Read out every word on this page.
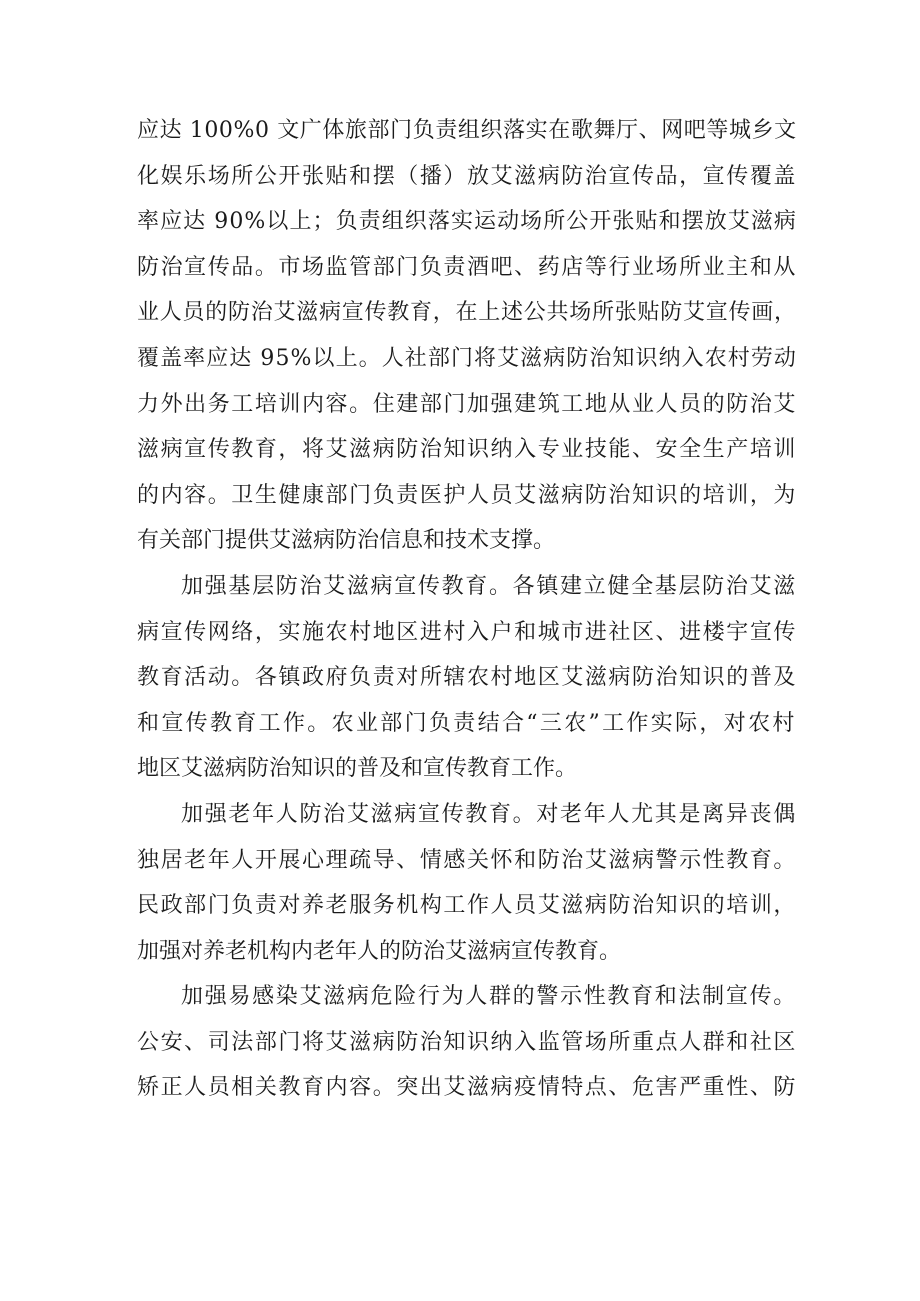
应达 100%0 文广体旅部门负责组织落实在歌舞厅、网吧等城乡文
化娱乐场所公开张贴和摆（播）放艾滋病防治宣传品，宣传覆盖
率应达 90%以上；负责组织落实运动场所公开张贴和摆放艾滋病
防治宣传品。市场监管部门负责酒吧、药店等行业场所业主和从
业人员的防治艾滋病宣传教育，在上述公共场所张贴防艾宣传画，
覆盖率应达 95%以上。人社部门将艾滋病防治知识纳入农村劳动
力外出务工培训内容。住建部门加强建筑工地从业人员的防治艾
滋病宣传教育，将艾滋病防治知识纳入专业技能、安全生产培训
的内容。卫生健康部门负责医护人员艾滋病防治知识的培训，为
有关部门提供艾滋病防治信息和技术支撑。
加强基层防治艾滋病宣传教育。各镇建立健全基层防治艾滋
病宣传网络，实施农村地区进村入户和城市进社区、进楼宇宣传
教育活动。各镇政府负责对所辖农村地区艾滋病防治知识的普及
和宣传教育工作。农业部门负责结合“三农”工作实际，对农村
地区艾滋病防治知识的普及和宣传教育工作。
加强老年人防治艾滋病宣传教育。对老年人尤其是离异丧偶
独居老年人开展心理疏导、情感关怀和防治艾滋病警示性教育。
民政部门负责对养老服务机构工作人员艾滋病防治知识的培训，
加强对养老机构内老年人的防治艾滋病宣传教育。
加强易感染艾滋病危险行为人群的警示性教育和法制宣传。
公安、司法部门将艾滋病防治知识纳入监管场所重点人群和社区
矫正人员相关教育内容。突出艾滋病疫情特点、危害严重性、防
